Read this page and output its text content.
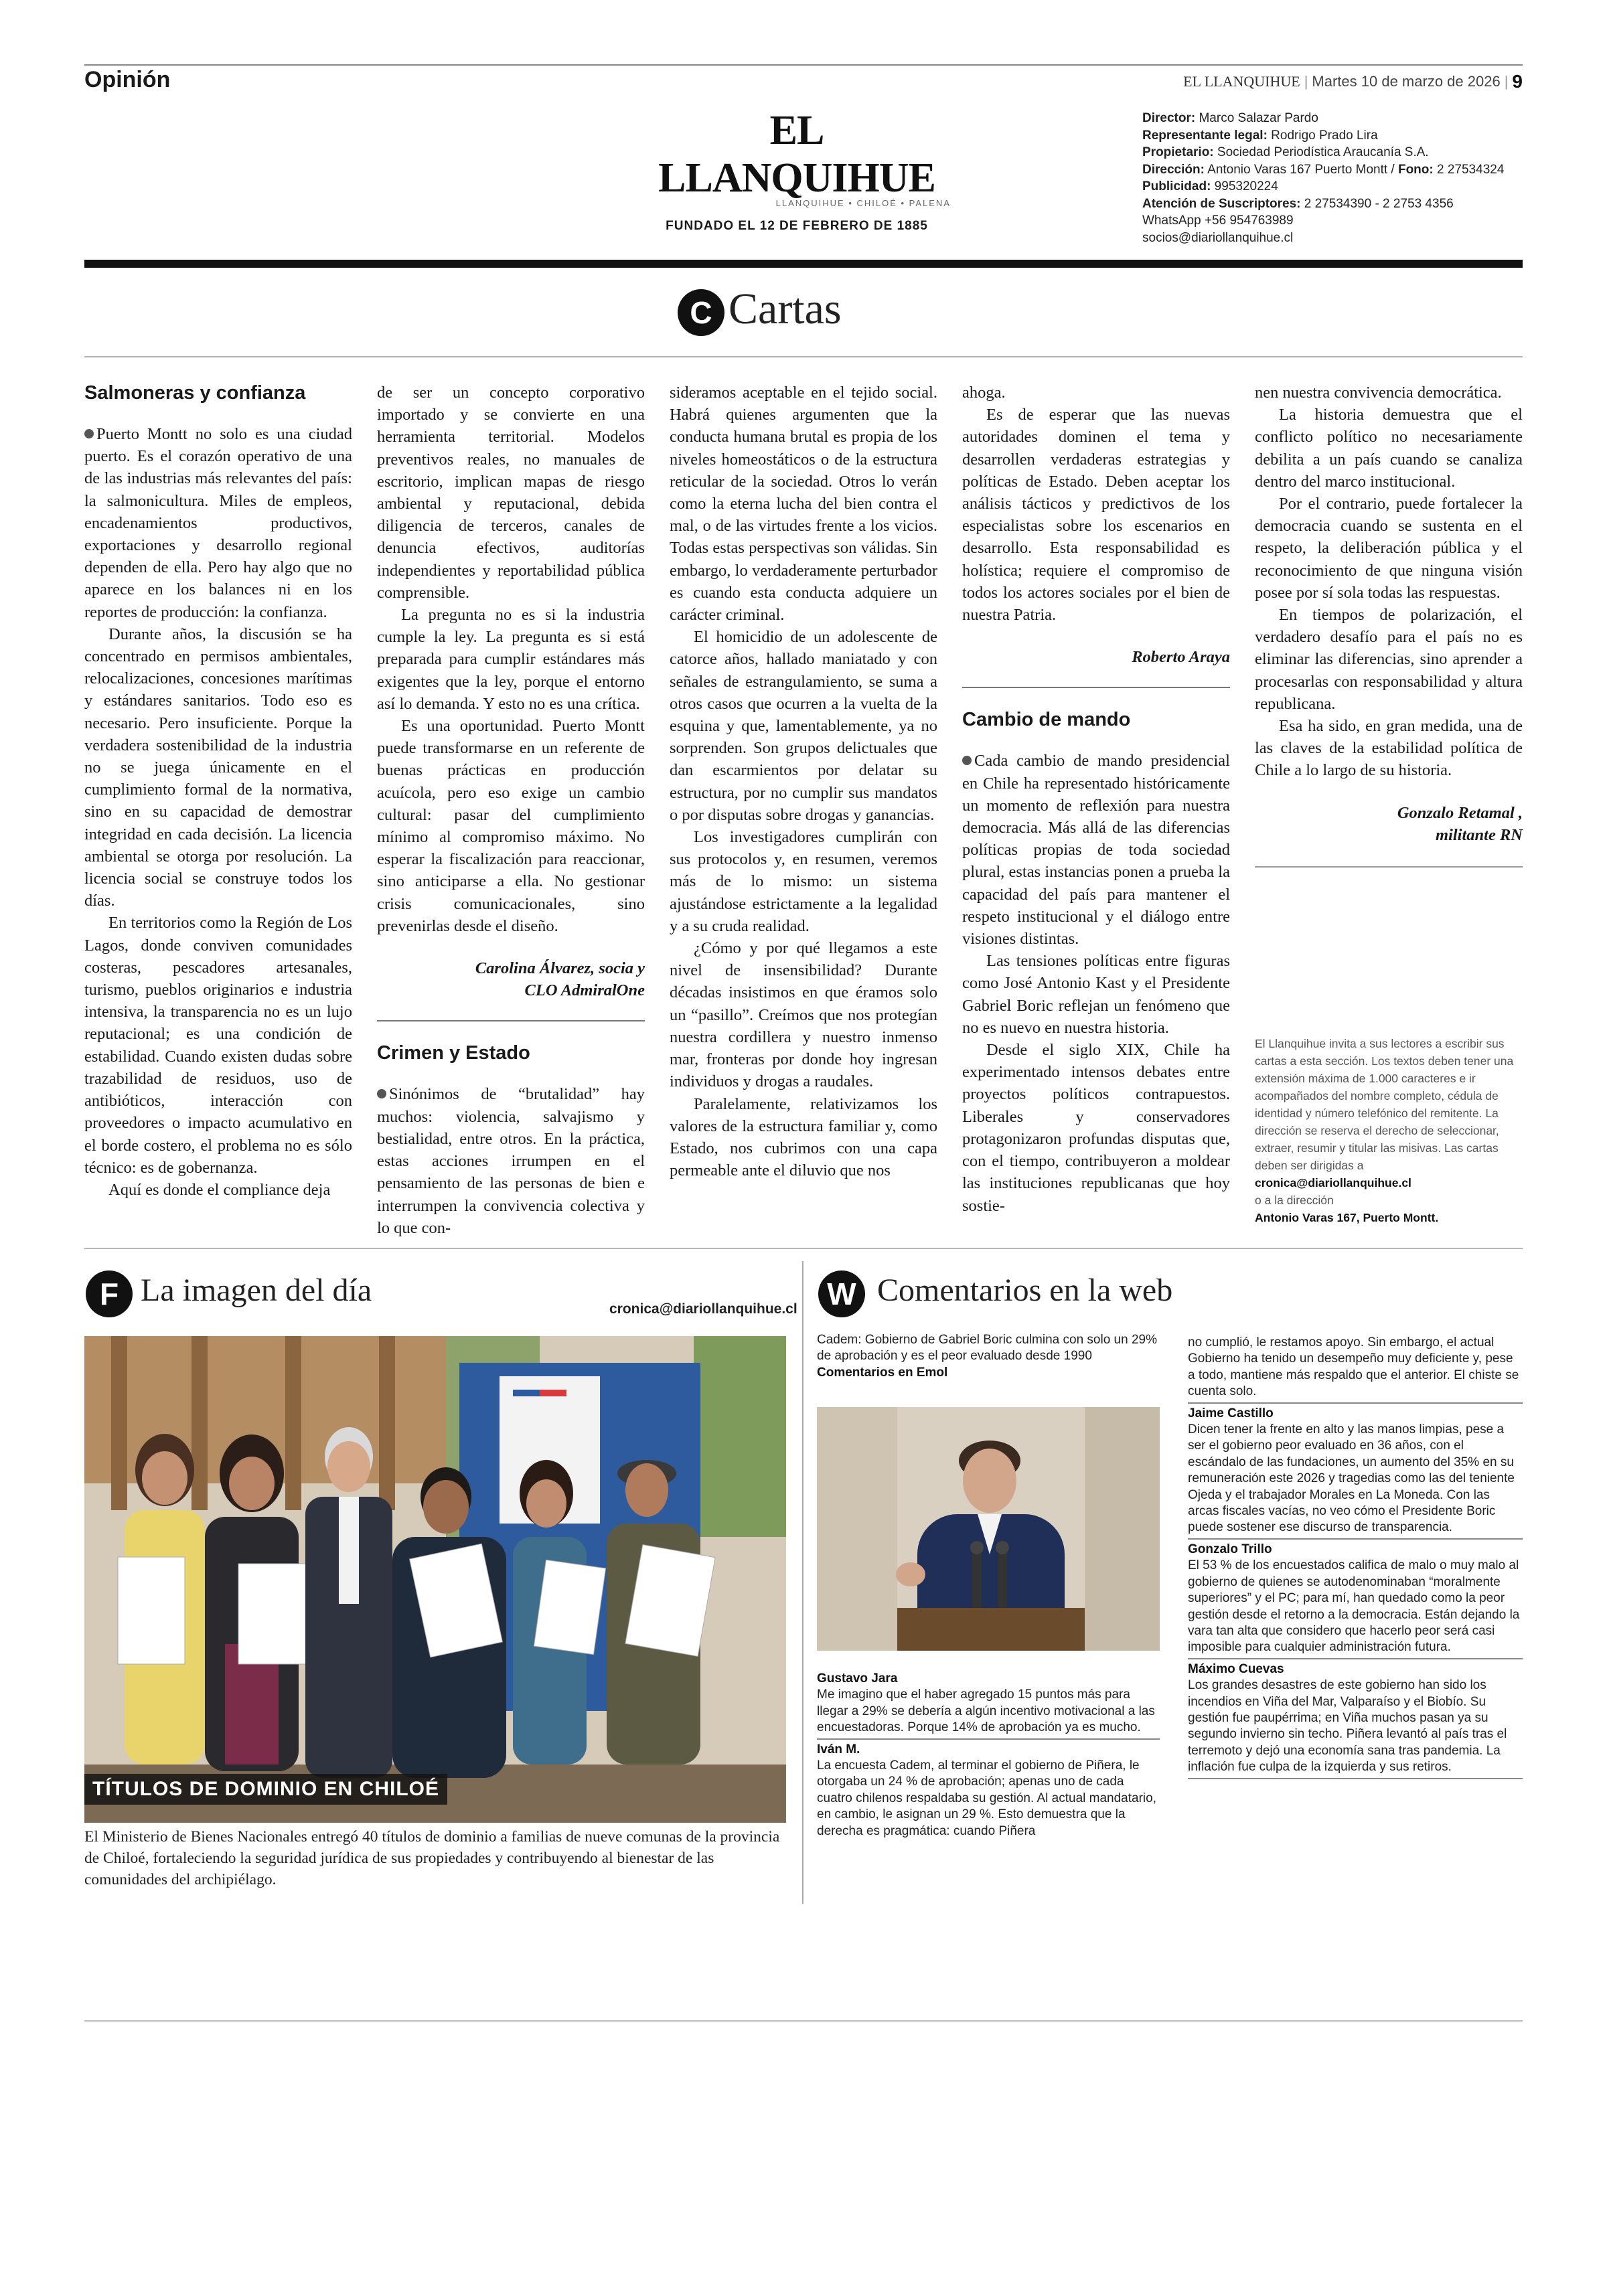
Opinión	EL LLANQUIHUE | Martes 10 de marzo de 2026 | 9
EL LLANQUIHUE
LLANQUIHUE • CHILOÉ • PALENA
FUNDADO EL 12 DE FEBRERO DE 1885
Director: Marco Salazar Pardo
Representante legal: Rodrigo Prado Lira
Propietario: Sociedad Periodística Araucanía S.A.
Dirección: Antonio Varas 167 Puerto Montt / Fono: 2 27534324
Publicidad: 995320224
Atención de Suscriptores: 2 27534390 - 2 2753 4356
WhatsApp +56 954763989
socios@diariollanquihue.cl
C Cartas

Salmoneras y confianza

Puerto Montt no solo es una ciudad puerto. Es el corazón operativo de una de las industrias más relevantes del país: la salmonicultura. Miles de empleos, encadenamientos productivos, exportaciones y desarrollo regional dependen de ella. Pero hay algo que no aparece en los balances ni en los reportes de producción: la confianza.

Durante años, la discusión se ha concentrado en permisos ambientales, relocalizaciones, concesiones marítimas y estándares sanitarios. Todo eso es necesario. Pero insuficiente. Porque la verdadera sostenibilidad de la industria no se juega únicamente en el cumplimiento formal de la normativa, sino en su capacidad de demostrar integridad en cada decisión. La licencia ambiental se otorga por resolución. La licencia social se construye todos los días.

En territorios como la Región de Los Lagos, donde conviven comunidades costeras, pescadores artesanales, turismo, pueblos originarios e industria intensiva, la transparencia no es un lujo reputacional; es una condición de estabilidad. Cuando existen dudas sobre trazabilidad de residuos, uso de antibióticos, interacción con proveedores o impacto acumulativo en el borde costero, el problema no es sólo técnico: es de gobernanza.

Aquí es donde el compliance deja

de ser un concepto corporativo importado y se convierte en una herramienta territorial. Modelos preventivos reales, no manuales de escritorio, implican mapas de riesgo ambiental y reputacional, debida diligencia de terceros, canales de denuncia efectivos, auditorías independientes y reportabilidad pública comprensible.

La pregunta no es si la industria cumple la ley. La pregunta es si está preparada para cumplir estándares más exigentes que la ley, porque el entorno así lo demanda. Y esto no es una crítica.

Es una oportunidad. Puerto Montt puede transformarse en un referente de buenas prácticas en producción acuícola, pero eso exige un cambio cultural: pasar del cumplimiento mínimo al compromiso máximo. No esperar la fiscalización para reaccionar, sino anticiparse a ella. No gestionar crisis comunicacionales, sino prevenirlas desde el diseño.

Carolina Álvarez, socia y

CLO AdmiralOne

Crimen y Estado

Sinónimos de “brutalidad” hay muchos: violencia, salvajismo y bestialidad, entre otros. En la práctica, estas acciones irrumpen en el pensamiento de las personas de bien e interrumpen la convivencia colectiva y lo que con-

sideramos aceptable en el tejido social. Habrá quienes argumenten que la conducta humana brutal es propia de los niveles homeostáticos o de la estructura reticular de la sociedad. Otros lo verán como la eterna lucha del bien contra el mal, o de las virtudes frente a los vicios. Todas estas perspectivas son válidas. Sin embargo, lo verdaderamente perturbador es cuando esta conducta adquiere un carácter criminal.

El homicidio de un adolescente de catorce años, hallado maniatado y con señales de estrangulamiento, se suma a otros casos que ocurren a la vuelta de la esquina y que, lamentablemente, ya no sorprenden. Son grupos delictuales que dan escarmientos por delatar su estructura, por no cumplir sus mandatos o por disputas sobre drogas y ganancias.

Los investigadores cumplirán con sus protocolos y, en resumen, veremos más de lo mismo: un sistema ajustándose estrictamente a la legalidad y a su cruda realidad.

¿Cómo y por qué llegamos a este nivel de insensibilidad? Durante décadas insistimos en que éramos solo un “pasillo”. Creímos que nos protegían nuestra cordillera y nuestro inmenso mar, fronteras por donde hoy ingresan individuos y drogas a raudales.

Paralelamente, relativizamos los valores de la estructura familiar y, como Estado, nos cubrimos con una capa permeable ante el diluvio que nos

ahoga.

Es de esperar que las nuevas autoridades dominen el tema y desarrollen verdaderas estrategias y políticas de Estado. Deben aceptar los análisis tácticos y predictivos de los especialistas sobre los escenarios en desarrollo. Esta responsabilidad es holística; requiere el compromiso de todos los actores sociales por el bien de nuestra Patria.

Roberto Araya

Cambio de mando

Cada cambio de mando presidencial en Chile ha representado históricamente un momento de reflexión para nuestra democracia. Más allá de las diferencias políticas propias de toda sociedad plural, estas instancias ponen a prueba la capacidad del país para mantener el respeto institucional y el diálogo entre visiones distintas.

Las tensiones políticas entre figuras como José Antonio Kast y el Presidente Gabriel Boric reflejan un fenómeno que no es nuevo en nuestra historia.

Desde el siglo XIX, Chile ha experimentado intensos debates entre proyectos políticos contrapuestos. Liberales y conservadores protagonizaron profundas disputas que, con el tiempo, contribuyeron a moldear las instituciones republicanas que hoy sostie-

nen nuestra convivencia democrática.

La historia demuestra que el conflicto político no necesariamente debilita a un país cuando se canaliza dentro del marco institucional.

Por el contrario, puede fortalecer la democracia cuando se sustenta en el respeto, la deliberación pública y el reconocimiento de que ninguna visión posee por sí sola todas las respuestas.

En tiempos de polarización, el verdadero desafío para el país no es eliminar las diferencias, sino aprender a procesarlas con responsabilidad y altura republicana.

Esa ha sido, en gran medida, una de las claves de la estabilidad política de Chile a lo largo de su historia.

Gonzalo Retamal ,

militante RN

El Llanquihue invita a sus lectores a escribir sus cartas a esta sección. Los textos deben tener una extensión máxima de 1.000 caracteres e ir acompañados del nombre completo, cédula de identidad y número telefónico del remitente. La dirección se reserva el derecho de seleccionar, extraer, resumir y titular las misivas. Las cartas deben ser dirigidas a
cronica@diariollanquihue.cl
o a la dirección
Antonio Varas 167, Puerto Montt.
F La imagen del día
cronica@diariollanquihue.cl
TÍTULOS DE DOMINIO EN CHILOÉ
El Ministerio de Bienes Nacionales entregó 40 títulos de dominio a familias de nueve comunas de la provincia de Chiloé, fortaleciendo la seguridad jurídica de sus propiedades y contribuyendo al bienestar de las comunidades del archipiélago.
W Comentarios en la web

Cadem: Gobierno de Gabriel Boric culmina con solo un 29% de aprobación y es el peor evaluado desde 1990

Comentarios en Emol

Gustavo Jara

Me imagino que el haber agregado 15 puntos más para llegar a 29% se debería a algún incentivo motivacional a las encuestadoras. Porque 14% de aprobación ya es mucho.

Iván M.

La encuesta Cadem, al terminar el gobierno de Piñera, le otorgaba un 24 % de aprobación; apenas uno de cada cuatro chilenos respaldaba su gestión. Al actual mandatario, en cambio, le asignan un 29 %. Esto demuestra que la derecha es pragmática: cuando Piñera

no cumplió, le restamos apoyo. Sin embargo, el actual Gobierno ha tenido un desempeño muy deficiente y, pese a todo, mantiene más respaldo que el anterior. El chiste se cuenta solo.

Jaime Castillo

Dicen tener la frente en alto y las manos limpias, pese a ser el gobierno peor evaluado en 36 años, con el escándalo de las fundaciones, un aumento del 35% en su remuneración este 2026 y tragedias como las del teniente Ojeda y el trabajador Morales en La Moneda. Con las arcas fiscales vacías, no veo cómo el Presidente Boric puede sostener ese discurso de transparencia.

Gonzalo Trillo

El 53 % de los encuestados califica de malo o muy malo al gobierno de quienes se autodenominaban “moralmente superiores” y el PC; para mí, han quedado como la peor gestión desde el retorno a la democracia. Están dejando la vara tan alta que considero que hacerlo peor será casi imposible para cualquier administración futura.

Máximo Cuevas

Los grandes desastres de este gobierno han sido los incendios en Viña del Mar, Valparaíso y el Biobío. Su gestión fue paupérrima; en Viña muchos pasan ya su segundo invierno sin techo. Piñera levantó al país tras el terremoto y dejó una economía sana tras pandemia. La inflación fue culpa de la izquierda y sus retiros.
